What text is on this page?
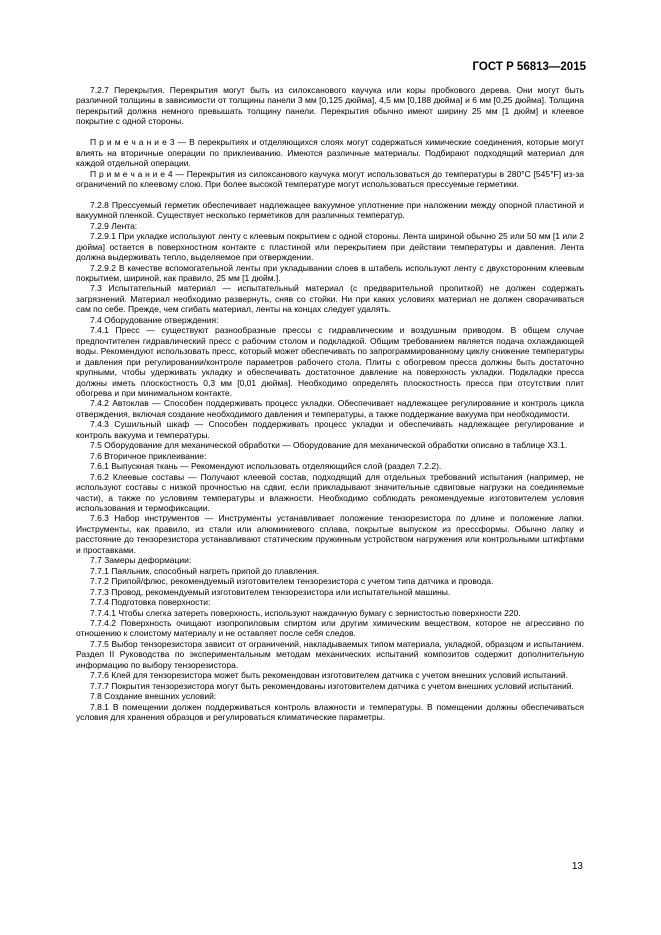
ГОСТ Р 56813—2015

7.2.7 Перекрытия. Перекрытия могут быть из силоксанового каучука или коры пробкового дерева. Они могут быть различной толщины в зависимости от толщины панели 3 мм [0,125 дюйма], 4,5 мм [0,188 дюйма] и 6 мм [0,25 дюйма]. Толщина перекрытий должна немного превышать толщину панели. Перекрытия обычно имеют ширину 25 мм [1 дюйм] и клеевое покрытие с одной стороны.

П р и м е ч а н и е 3 — В перекрытиях и отделяющихся слоях могут содержаться химические соединения, которые могут влиять на вторичные операции по приклеиванию. Имеются различные материалы. Подбирают подходящий материал для каждой отдельной операции.

П р и м е ч а н и е 4 — Перекрытия из силоксанового каучука могут использоваться до температуры в 280°С [545°F] из-за ограничений по клеевому слою. При более высокой температуре могут использоваться прессуемые герметики.

7.2.8 Прессуемый герметик обеспечивает надлежащее вакуумное уплотнение при наложении между опорной пластиной и вакуумной пленкой. Существует несколько герметиков для различных температур.

7.2.9 Лента:

7.2.9.1 При укладке используют ленту с клеевым покрытием с одной стороны. Лента шириной обычно 25 или 50 мм [1 или 2 дюйма] остается в поверхностном контакте с пластиной или перекрытием при действии температуры и давления. Лента должна выдерживать тепло, выделяемое при отверждении.

7.2.9.2 В качестве вспомогательной ленты при укладывании слоев в штабель используют ленту с двухсторонним клеевым покрытием, шириной, как правило, 25 мм [1 дюйм.].

7.3 Испытательный материал — испытательный материал (с предварительной пропиткой) не должен содержать загрязнений. Материал необходимо развернуть, сняв со стойки. Ни при каких условиях материал не должен сворачиваться сам по себе. Прежде, чем сгибать материал, ленты на концах следует удалять.

7.4 Оборудование отверждения:

7.4.1 Пресс — существуют разнообразные прессы с гидравлическим и воздушным приводом. В общем случае предпочтителен гидравлический пресс с рабочим столом и подкладкой. Общим требованием является подача охлаждающей воды. Рекомендуют использовать пресс, который может обеспечивать по запрограммированному циклу снижение температуры и давления при регулировании/контроле параметров рабочего стола. Плиты с обогревом пресса должны быть достаточно крупными, чтобы удерживать укладку и обеспечивать достаточное давление на поверхность укладки. Подкладки пресса должны иметь плоскостность 0,3 мм [0,01 дюйма]. Необходимо определять плоскостность пресса при отсутствии плит обогрева и при минимальном контакте.

7.4.2 Автоклав — Способен поддерживать процесс укладки. Обеспечивает надлежащее регулирование и контроль цикла отверждения, включая создание необходимого давления и температуры, а также поддержание вакуума при необходимости.

7.4.3 Сушильный шкаф — Способен поддерживать процесс укладки и обеспечивать надлежащее регулирование и контроль вакуума и температуры.

7.5 Оборудование для механической обработки — Оборудование для механической обработки описано в таблице Х3.1.

7.6 Вторичное приклеивание:

7.6.1 Выпускная ткань — Рекомендуют использовать отделяющийся слой (раздел 7.2.2).

7.6.2 Клеевые составы — Получают клеевой состав, подходящий для отдельных требований испытания (например, не используют составы с низкой прочностью на сдвиг, если прикладывают значительные сдвиговые нагрузки на соединяемые части), а также по условиям температуры и влажности. Необходимо соблюдать рекомендуемые изготовителем условия использования и термофиксации.

7.6.3 Набор инструментов — Инструменты устанавливает положение тензорезистора по длине и положение лапки. Инструменты, как правило, из стали или алюминиевого сплава, покрытые выпуском из прессформы. Обычно лапку и расстояние до тензорезистора устанавливают статическим пружинным устройством нагружения или контрольными штифтами и проставками.

7.7 Замеры деформации:

7.7.1 Паяльник, способный нагреть припой до плавления.

7.7.2 Припой/флюс, рекомендуемый изготовителем тензорезистора с учетом типа датчика и провода.

7.7.3 Провод, рекомендуемый изготовителем тензорезистора или испытательной машины.

7.7.4 Подготовка поверхности:

7.7.4.1 Чтобы слегка затереть поверхность, используют наждачную бумагу с зернистостью поверхности 220.

7.7.4.2 Поверхность очищают изопропиловым спиртом или другим химическим веществом, которое не агрессивно по отношению к слоистому материалу и не оставляет после себя следов.

7.7.5 Выбор тензорезистора зависит от ограничений, накладываемых типом материала, укладкой, образцом и испытанием. Раздел II Руководства по экспериментальным методам механических испытаний композитов содержит дополнительную информацию по выбору тензорезистора.

7.7.6 Клей для тензорезистора может быть рекомендован изготовителем датчика с учетом внешних условий испытаний.

7.7.7 Покрытия тензорезистора могут быть рекомендованы изготовителем датчика с учетом внешних условий испытаний.

7.8 Создание внешних условий:

7.8.1 В помещении должен поддерживаться контроль влажности и температуры. В помещении должны обеспечиваться условия для хранения образцов и регулироваться климатические параметры.

13
